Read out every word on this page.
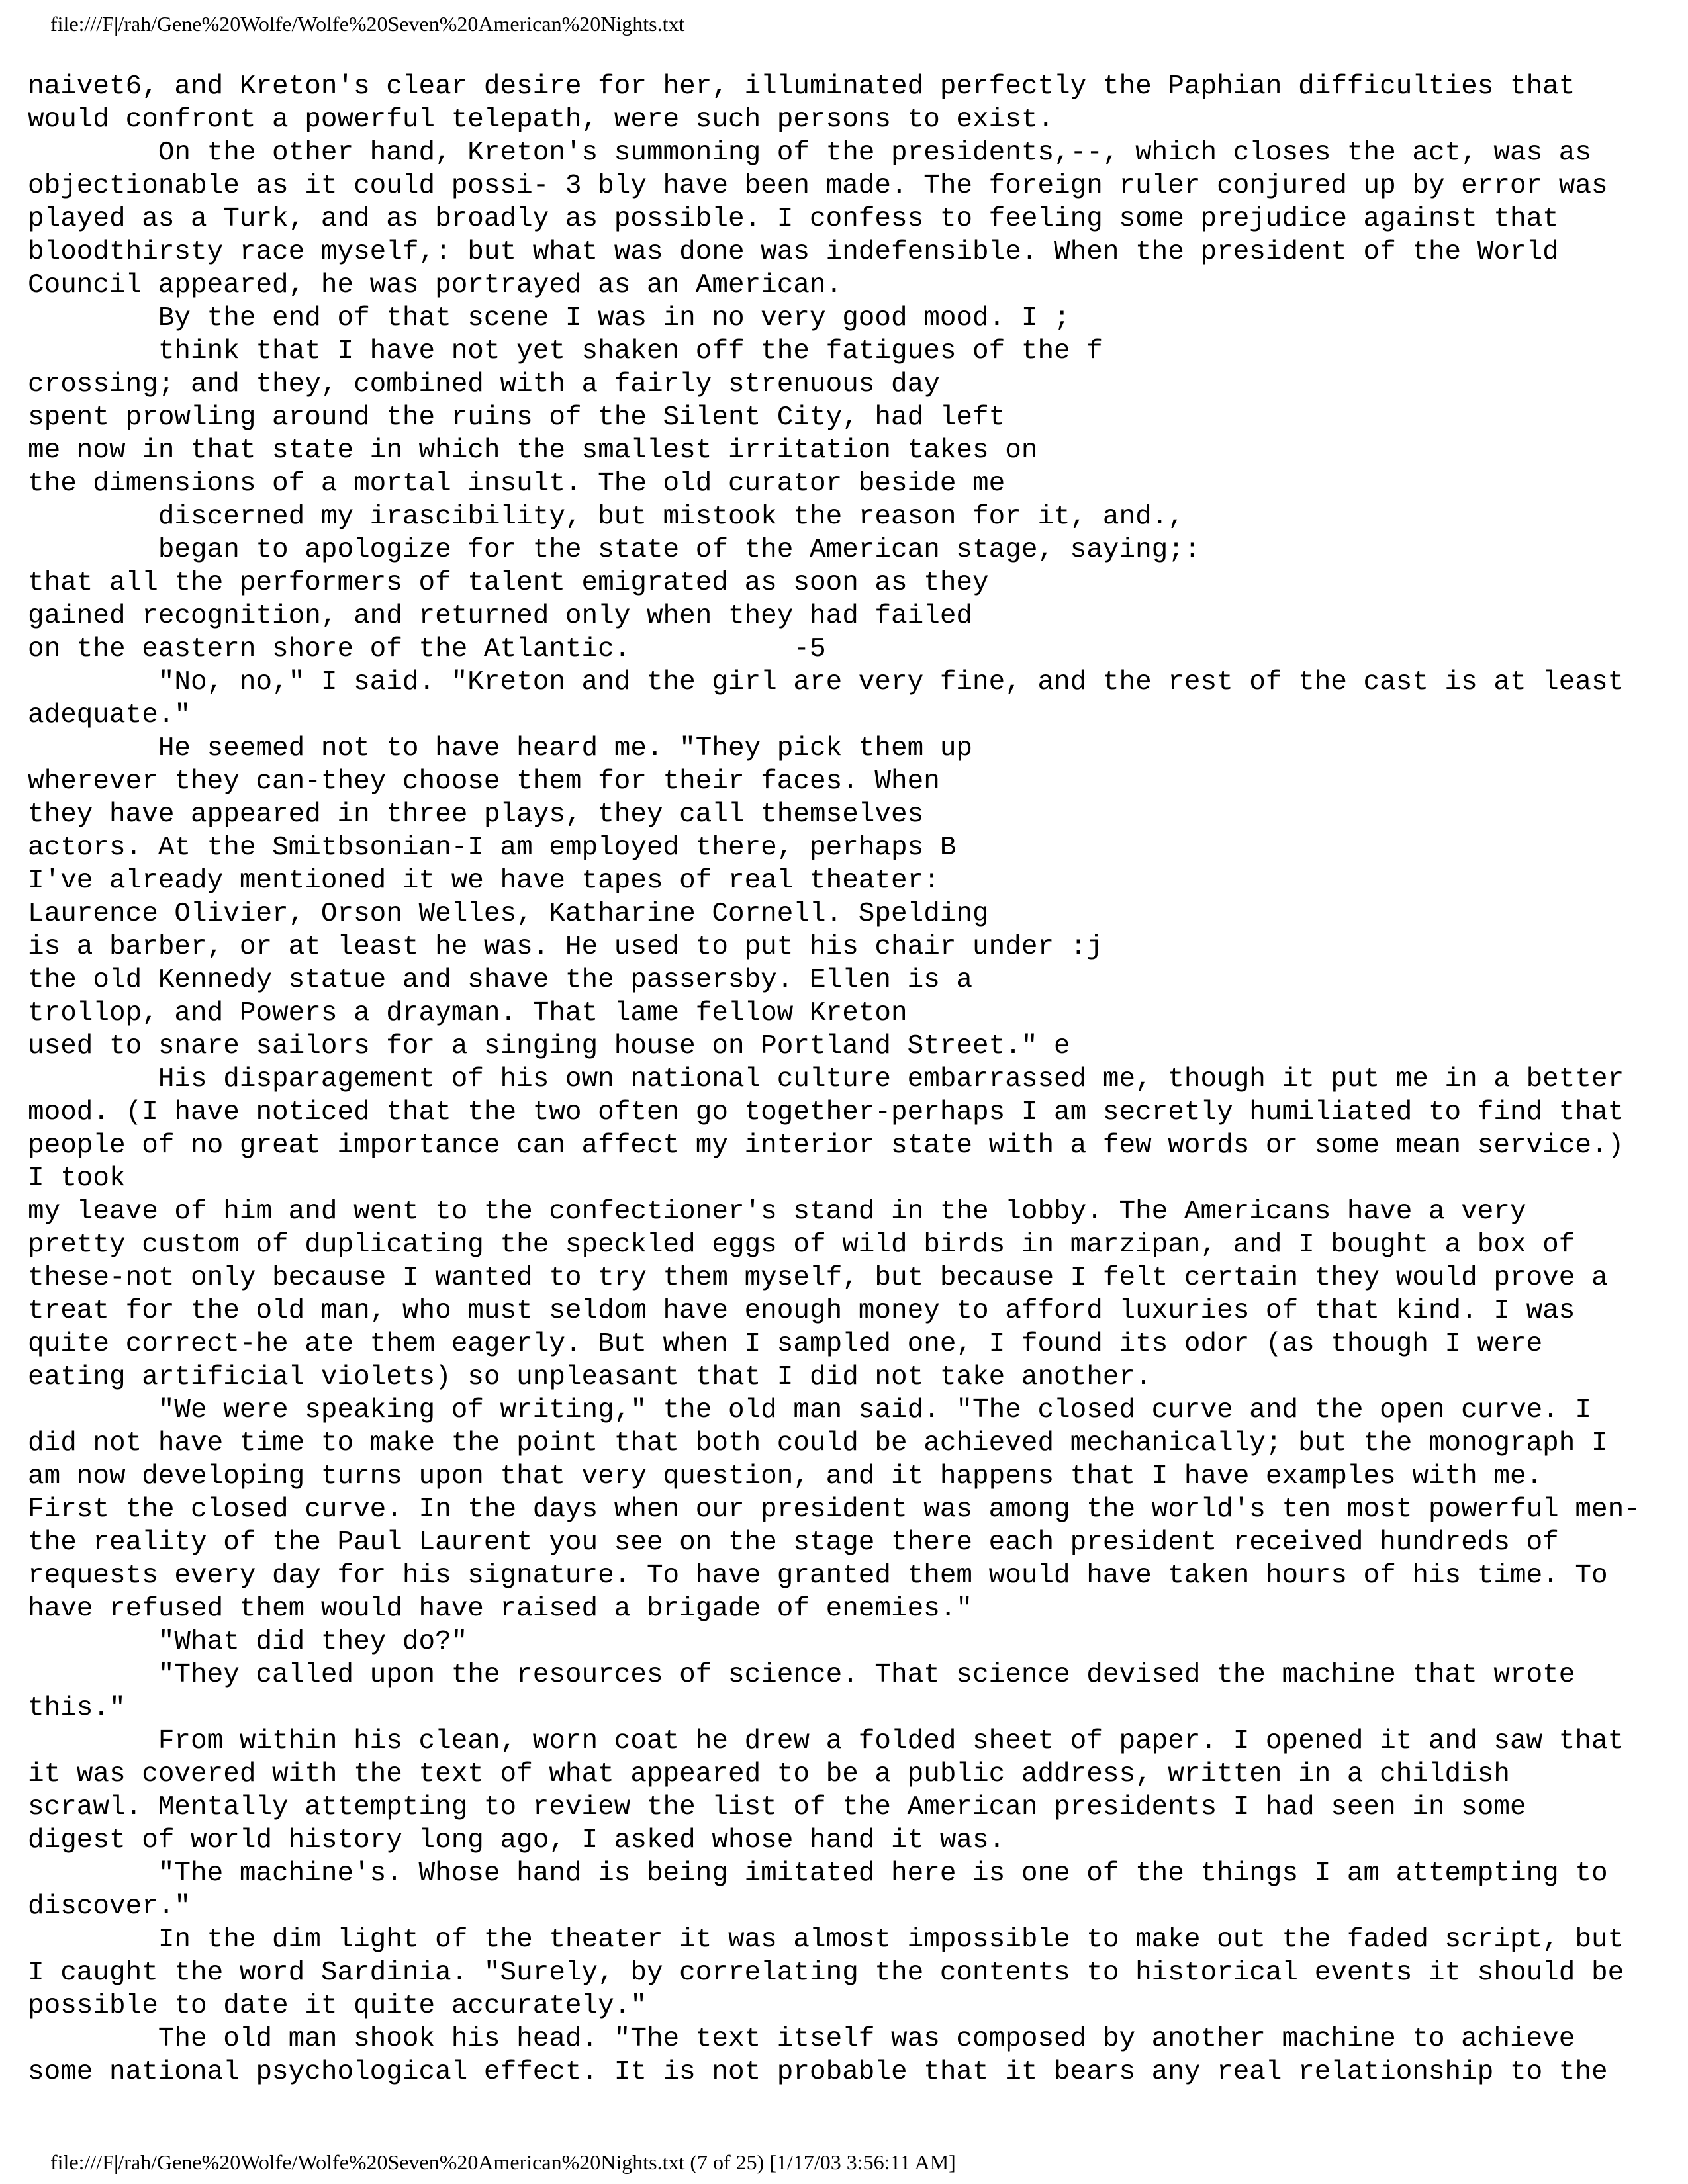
file:///F|/rah/Gene%20Wolfe/Wolfe%20Seven%20American%20Nights.txt
naivet6, and Kreton's clear desire for her, illuminated perfectly the Paphian difficulties that
would confront a powerful telepath, were such persons to exist.
On the other hand, Kreton's summoning of the presidents,--, which closes the act, was as
objectionable as it could possi- 3 bly have been made. The foreign ruler conjured up by error was
played as a Turk, and as broadly as possible. I confess to feeling some prejudice against that
bloodthirsty race myself,: but what was done was indefensible. When the president of the World
Council appeared, he was portrayed as an American.
By the end of that scene I was in no very good mood. I ;
think that I have not yet shaken off the fatigues of the f
crossing; and they, combined with a fairly strenuous day
spent prowling around the ruins of the Silent City, had left
me now in that state in which the smallest irritation takes on
the dimensions of a mortal insult. The old curator beside me
discerned my irascibility, but mistook the reason for it, and.,
began to apologize for the state of the American stage, saying;:
that all the performers of talent emigrated as soon as they
gained recognition, and returned only when they had failed
on the eastern shore of the Atlantic.          -5
"No, no," I said. "Kreton and the girl are very fine, and the rest of the cast is at least
adequate."
He seemed not to have heard me. "They pick them up
wherever they can-they choose them for their faces. When
they have appeared in three plays, they call themselves
actors. At the Smitbsonian-I am employed there, perhaps B
I've already mentioned it we have tapes of real theater:
Laurence Olivier, Orson Welles, Katharine Cornell. Spelding
is a barber, or at least he was. He used to put his chair under :j
the old Kennedy statue and shave the passersby. Ellen is a
trollop, and Powers a drayman. That lame fellow Kreton
used to snare sailors for a singing house on Portland Street." e
His disparagement of his own national culture embarrassed me, though it put me in a better
mood. (I have noticed that the two often go together-perhaps I am secretly humiliated to find that
people of no great importance can affect my interior state with a few words or some mean service.)
I took
my leave of him and went to the confectioner's stand in the lobby. The Americans have a very
pretty custom of duplicating the speckled eggs of wild birds in marzipan, and I bought a box of
these-not only because I wanted to try them myself, but because I felt certain they would prove a
treat for the old man, who must seldom have enough money to afford luxuries of that kind. I was
quite correct-he ate them eagerly. But when I sampled one, I found its odor (as though I were
eating artificial violets) so unpleasant that I did not take another.
"We were speaking of writing," the old man said. "The closed curve and the open curve. I
did not have time to make the point that both could be achieved mechanically; but the monograph I
am now developing turns upon that very question, and it happens that I have examples with me.
First the closed curve. In the days when our president was among the world's ten most powerful men-
the reality of the Paul Laurent you see on the stage there each president received hundreds of
requests every day for his signature. To have granted them would have taken hours of his time. To
have refused them would have raised a brigade of enemies."
"What did they do?"
"They called upon the resources of science. That science devised the machine that wrote
this."
From within his clean, worn coat he drew a folded sheet of paper. I opened it and saw that
it was covered with the text of what appeared to be a public address, written in a childish
scrawl. Mentally attempting to review the list of the American presidents I had seen in some
digest of world history long ago, I asked whose hand it was.
"The machine's. Whose hand is being imitated here is one of the things I am attempting to
discover."
In the dim light of the theater it was almost impossible to make out the faded script, but
I caught the word Sardinia. "Surely, by correlating the contents to historical events it should be
possible to date it quite accurately."
The old man shook his head. "The text itself was composed by another machine to achieve
some national psychological effect. It is not probable that it bears any real relationship to the
file:///F|/rah/Gene%20Wolfe/Wolfe%20Seven%20American%20Nights.txt (7 of 25) [1/17/03 3:56:11 AM]
